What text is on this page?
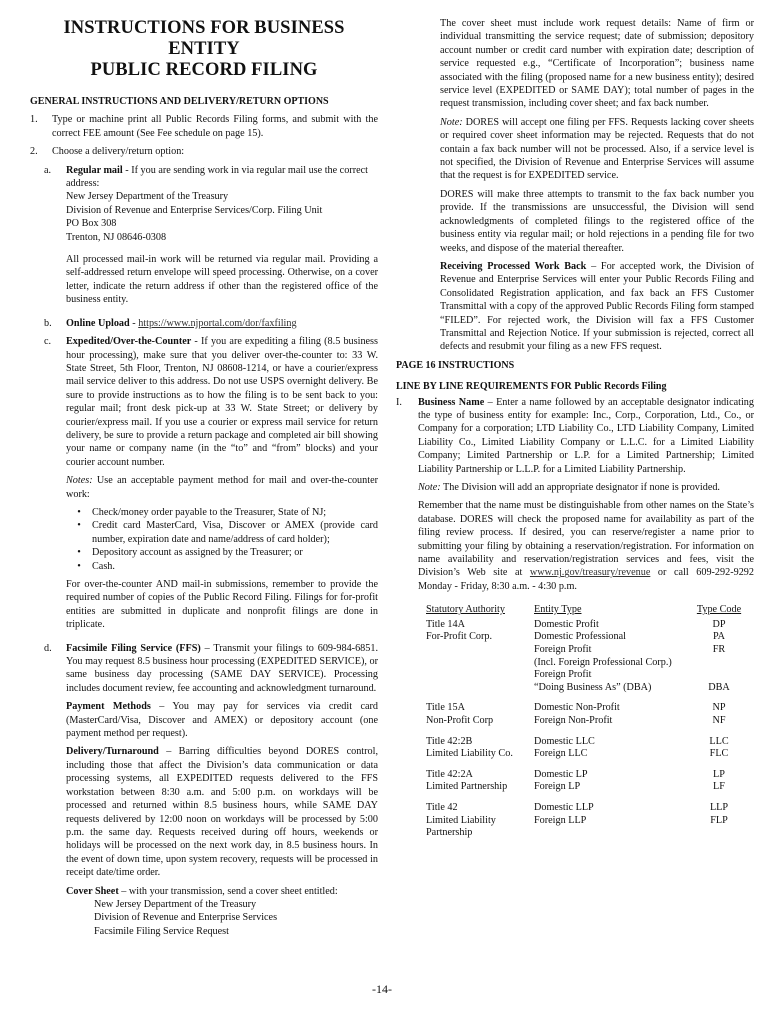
INSTRUCTIONS FOR BUSINESS ENTITY
PUBLIC RECORD FILING
GENERAL INSTRUCTIONS AND DELIVERY/RETURN OPTIONS
1.	Type or machine print all Public Records Filing forms, and submit with the correct FEE amount (See Fee schedule on page 15).
2.	Choose a delivery/return option:
a.	Regular mail - If you are sending work in via regular mail use the correct address:
New Jersey Department of the Treasury
Division of Revenue and Enterprise Services/Corp. Filing Unit
PO Box 308
Trenton, NJ 08646-0308

All processed mail-in work will be returned via regular mail. Providing a self-addressed return envelope will speed processing. Otherwise, on a cover letter, indicate the return address if other than the registered office of the business entity.

b.	Online Upload - https://www.njportal.com/dor/faxfiling
c.	Expedited/Over-the-Counter - If you are expediting a filing (8.5 business hour processing), make sure that you deliver over-the-counter to: 33 W. State Street, 5th Floor, Trenton, NJ 08608-1214, or have a courier/express mail service deliver to this address. Do not use USPS overnight delivery. Be sure to provide instructions as to how the filing is to be sent back to you: regular mail; front desk pick-up at 33 W. State Street; or delivery by courier/express mail. If you use a courier or express mail service for return delivery, be sure to provide a return package and completed air bill showing your name or company name (in the “to” and “from” blocks) and your courier account number.

Notes: Use an acceptable payment method for mail and over-the-counter work:

•	Check/money order payable to the Treasurer, State of NJ;
•	Credit card MasterCard, Visa, Discover or AMEX (provide card number, expiration date and name/address of card holder);
•	Depository account as assigned by the Treasurer; or
•	Cash.

For over-the-counter AND mail-in submissions, remember to provide the required number of copies of the Public Record Filing. Filings for for-profit entities are submitted in duplicate and nonprofit filings are done in triplicate.

d.	Facsimile Filing Service (FFS) – Transmit your filings to 609-984-6851. You may request 8.5 business hour processing (EXPEDITED SERVICE), or same business day processing (SAME DAY SERVICE). Processing includes document review, fee accounting and acknowledgment turnaround.

Payment Methods – You may pay for services via credit card (MasterCard/Visa, Discover and AMEX) or depository account (one payment method per request).

Delivery/Turnaround – Barring difficulties beyond DORES control, including those that affect the Division’s data communication or data processing systems, all EXPEDITED requests delivered to the FFS workstation between 8:30 a.m. and 5:00 p.m. on workdays will be processed and returned within 8.5 business hours, while SAME DAY requests delivered by 12:00 noon on workdays will be processed by 5:00 p.m. the same day. Requests received during off hours, weekends or holidays will be processed on the next work day, in 8.5 business hours. In the event of down time, upon system recovery, requests will be processed in receipt date/time order.

Cover Sheet – with your transmission, send a cover sheet entitled:
New Jersey Department of the Treasury
Division of Revenue and Enterprise Services
Facsimile Filing Service Request

The cover sheet must include work request details: Name of firm or individual transmitting the service request; date of submission; depository account number or credit card number with expiration date; description of service requested e.g., “Certificate of Incorporation”; business name associated with the filing (proposed name for a new business entity); desired service level (EXPEDITED or SAME DAY); total number of pages in the request transmission, including cover sheet; and fax back number.

Note: DORES will accept one filing per FFS. Requests lacking cover sheets or required cover sheet information may be rejected. Requests that do not contain a fax back number will not be processed. Also, if a service level is not specified, the Division of Revenue and Enterprise Services will assume that the request is for EXPEDITED service.

DORES will make three attempts to transmit to the fax back number you provide. If the transmissions are unsuccessful, the Division will send acknowledgments of completed filings to the registered office of the business entity via regular mail; or hold rejections in a pending file for two weeks, and dispose of the material thereafter.

Receiving Processed Work Back – For accepted work, the Division of Revenue and Enterprise Services will enter your Public Records Filing and Consolidated Registration application, and fax back an FFS Customer Transmittal with a copy of the approved Public Records Filing form stamped “FILED”. For rejected work, the Division will fax a FFS Customer Transmittal and Rejection Notice. If your submission is rejected, correct all defects and resubmit your filing as a new FFS request.

PAGE 16 INSTRUCTIONS
LINE BY LINE REQUIREMENTS FOR Public Records Filing
I.	Business Name – Enter a name followed by an acceptable designator indicating the type of business entity for example: Inc., Corp., Corporation, Ltd., Co., or Company for a corporation; LTD Liability Co., LTD Liability Company, Limited Liability Co., Limited Liability Company or L.L.C. for a Limited Liability Company; Limited Partnership or L.P. for a Limited Partnership; Limited Liability Partnership or L.L.P. for a Limited Liability Partnership.

Note: The Division will add an appropriate designator if none is provided.

Remember that the name must be distinguishable from other names on the State’s database. DORES will check the proposed name for availability as part of the filing review process. If desired, you can reserve/register a name prior to submitting your filing by obtaining a reservation/registration. For information on name availability and reservation/registration services and fees, visit the Division’s Web site at www.nj.gov/treasury/revenue or call 609-292-9292 Monday - Friday, 8:30 a.m. - 4:30 p.m.

Statutory Authority	Entity Type	Type Code
Title 14A	Domestic Profit	DP
For-Profit Corp.	Domestic Professional	PA
	Foreign Profit	FR
	(Incl. Foreign Professional Corp.)	
	Foreign Profit	
	“Doing Business As” (DBA)	DBA

Title 15A	Domestic Non-Profit	NP
Non-Profit Corp	Foreign Non-Profit	NF

Title 42:2B	Domestic LLC	LLC
Limited Liability Co.	Foreign LLC	FLC

Title 42:2A	Domestic LP	LP
Limited Partnership	Foreign LP	LF

Title 42	Domestic LLP	LLP
Limited Liability	Foreign LLP	FLP
Partnership		
-14-
